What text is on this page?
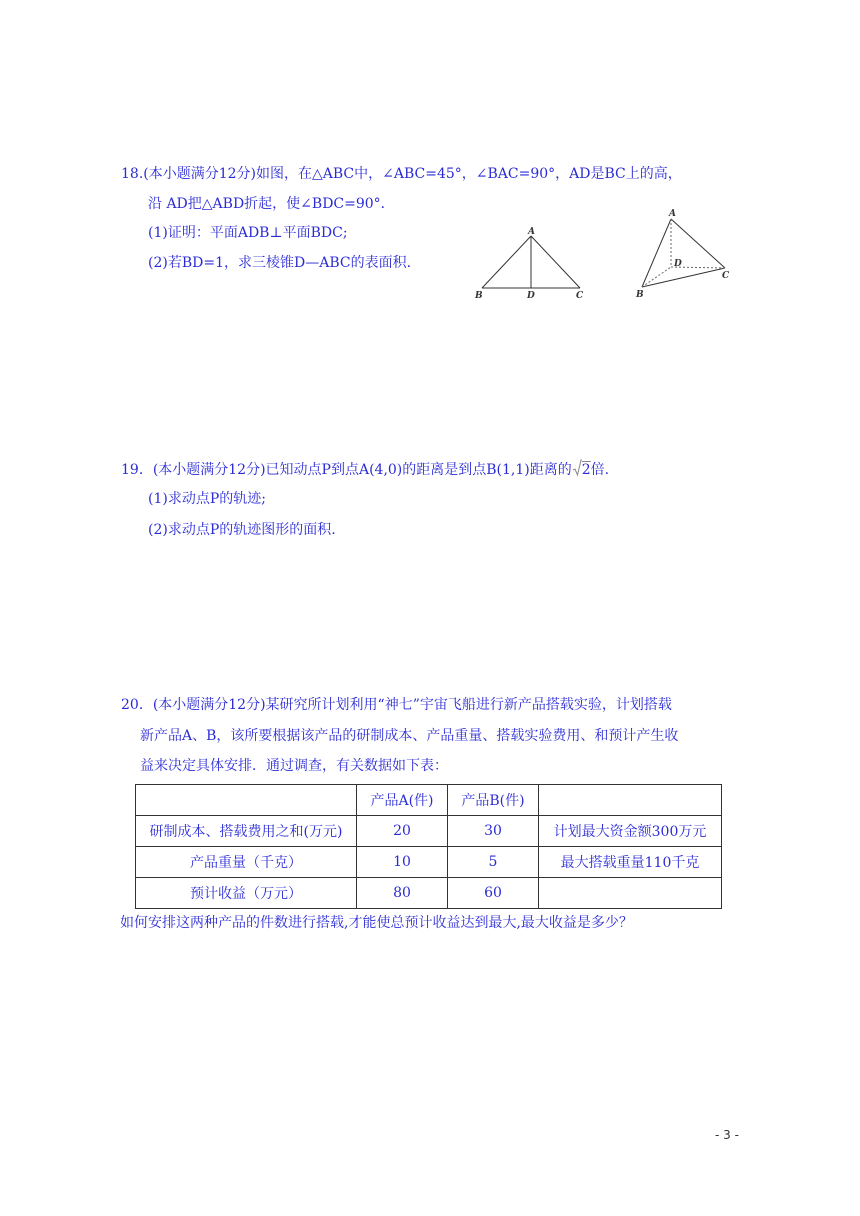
18.(本小题满分12分)如图，在△ABC中，∠ABC=45°，∠BAC=90°，AD是BC上的高，
沿 AD把△ABD折起，使∠BDC=90°．
(1)证明：平面ADB⊥平面BDC;
(2)若BD=1，求三棱锥D—ABC的表面积.
A
B	D	C
A
D
C
B
19．(本小题满分12分)已知动点P到点A(4,0)的距离是到点B(1,1)距离的 2倍.
(1)求动点P的轨迹;
(2)求动点P的轨迹图形的面积.
20．(本小题满分12分)某研究所计划利用“神七”宇宙飞船进行新产品搭载实验，计划搭载
新产品A、B，该所要根据该产品的研制成本、产品重量、搭载实验费用、和预计产生收
益来决定具体安排．通过调查，有关数据如下表：
	产品A(件)	产品B(件)	
研制成本、搭载费用之和(万元)	20	30	计划最大资金额300万元
产品重量（千克）	10	5	最大搭载重量110千克
预计收益（万元）	80	60	
如何安排这两种产品的件数进行搭载,才能使总预计收益达到最大,最大收益是多少？
- 3 -
